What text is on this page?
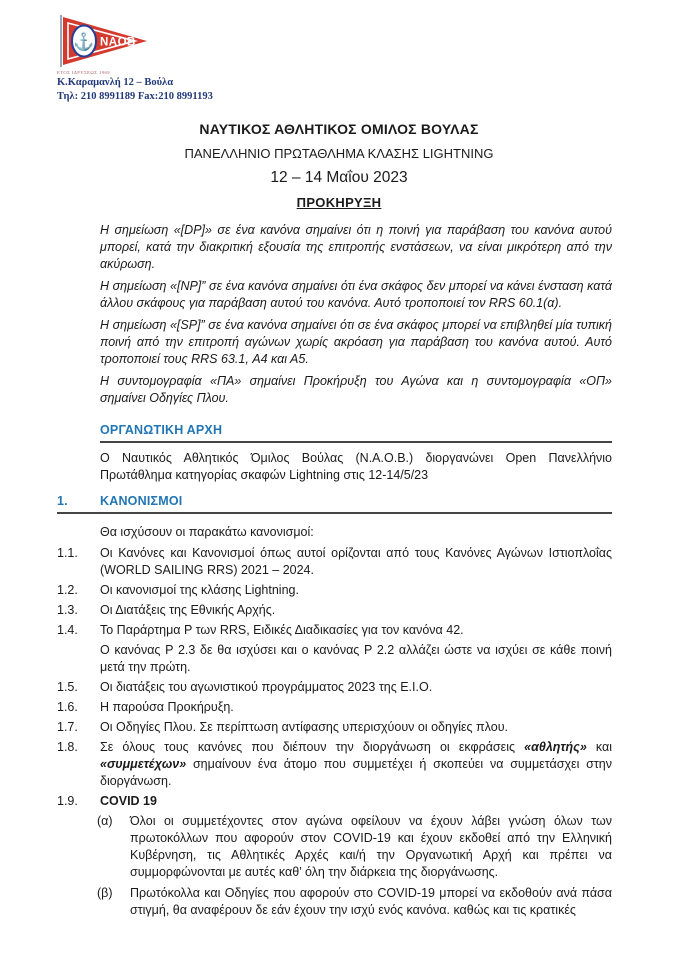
⚓ NAOB
ΕΤΟΣ ΙΔΡΥΣΕΩΣ 1969
Κ.Καραμανλή 12 – Βούλα
Τηλ: 210 8991189 Fax:210 8991193
ΝΑΥΤΙΚΟΣ ΑΘΛΗΤΙΚΟΣ ΟΜΙΛΟΣ ΒΟΥΛΑΣ
ΠΑΝΕΛΛΗΝΙΟ ΠΡΩΤΑΘΛΗΜΑ ΚΛΑΣΗΣ LIGHTNING
12 – 14 Μαΐου 2023
ΠΡΟΚΗΡΥΞΗ

Η σημείωση «[DP]» σε ένα κανόνα σημαίνει ότι η ποινή για παράβαση του κανόνα αυτού μπορεί, κατά την διακριτική εξουσία της επιτροπής ενστάσεων, να είναι μικρότερη από την ακύρωση.

Η σημείωση «[NP]” σε ένα κανόνα σημαίνει ότι ένα σκάφος δεν μπορεί να κάνει ένσταση κατά άλλου σκάφους για παράβαση αυτού του κανόνα. Αυτό τροποποιεί τον RRS 60.1(α).

Η σημείωση «[SP]” σε ένα κανόνα σημαίνει ότι σε ένα σκάφος μπορεί να επιβληθεί μία τυπική ποινή από την επιτροπή αγώνων χωρίς ακρόαση για παράβαση του κανόνα αυτού. Αυτό τροποποιεί τους RRS 63.1, Α4 και Α5.

Η συντομογραφία «ΠΑ» σημαίνει Προκήρυξη του Αγώνα και η συντομογραφία «ΟΠ» σημαίνει Οδηγίες Πλου.

ΟΡΓΑΝΩΤΙΚΗ ΑΡΧΗ

Ο Ναυτικός Αθλητικός Όμιλος Βούλας (Ν.Α.Ο.Β.) διοργανώνει Open Πανελλήνιο Πρωτάθλημα κατηγορίας σκαφών Lightning στις 12-14/5/23

1.	ΚΑΝΟΝΙΣΜΟΙ

Θα ισχύσουν οι παρακάτω κανονισμοί:

1.1.	Οι Κανόνες και Κανονισμοί όπως αυτοί ορίζονται από τους Κανόνες Αγώνων Ιστιοπλοΐας (WORLD SAILING RRS) 2021 – 2024.
1.2.	Οι κανονισμοί της κλάσης Lightning.
1.3.	Οι Διατάξεις της Εθνικής Αρχής.
1.4.	Το Παράρτημα Ρ των RRS, Ειδικές Διαδικασίες για τον κανόνα 42.
Ο κανόνας Ρ 2.3 δε θα ισχύσει και ο κανόνας Ρ 2.2 αλλάζει ώστε να ισχύει σε κάθε ποινή μετά την πρώτη.
1.5.	Οι διατάξεις του αγωνιστικού προγράμματος 2023 της Ε.Ι.Ο.
1.6.	Η παρούσα Προκήρυξη.
1.7.	Οι Οδηγίες Πλου. Σε περίπτωση αντίφασης υπερισχύουν οι οδηγίες πλου.
1.8.	Σε όλους τους κανόνες που διέπουν την διοργάνωση οι εκφράσεις «αθλητής» και «συμμετέχων» σημαίνουν ένα άτομο που συμμετέχει ή σκοπεύει να συμμετάσχει στην διοργάνωση.
1.9.	COVID 19
(α)	Όλοι οι συμμετέχοντες στον αγώνα οφείλουν να έχουν λάβει γνώση όλων των πρωτοκόλλων που αφορούν στον COVID-19 και έχουν εκδοθεί από την Ελληνική Κυβέρνηση, τις Αθλητικές Αρχές και/ή την Οργανωτική Αρχή και πρέπει να συμμορφώνονται με αυτές καθ’ όλη την διάρκεια της διοργάνωσης.
(β)	Πρωτόκολλα και Οδηγίες που αφορούν στο COVID-19 μπορεί να εκδοθούν ανά πάσα στιγμή, θα αναφέρουν δε εάν έχουν την ισχύ ενός κανόνα. καθώς και τις κρατικές
